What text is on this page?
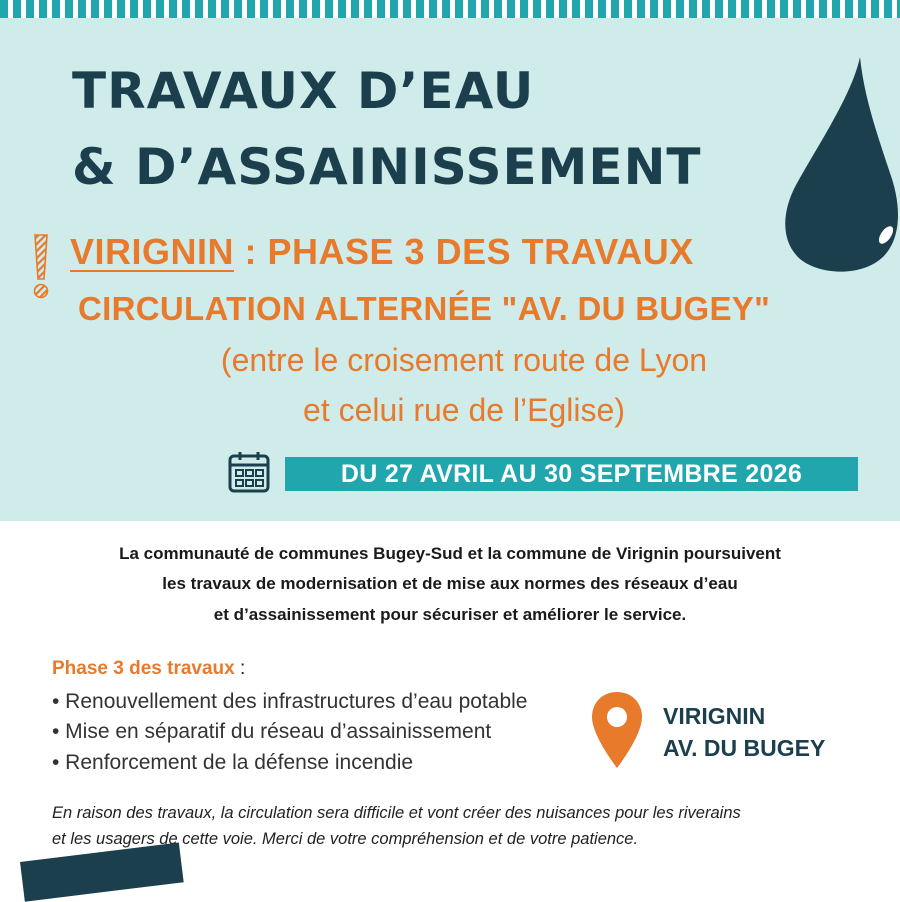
TRAVAUX D’EAU
& D’ASSAINISSEMENT

VIRIGNIN : PHASE 3 DES TRAVAUX

CIRCULATION ALTERNÉE "AV. DU BUGEY"

(entre le croisement route de Lyon

et celui rue de l’Eglise)

DU 27 AVRIL AU 30 SEPTEMBRE 2026

La communauté de communes Bugey-Sud et la commune de Virignin poursuivent

les travaux de modernisation et de mise aux normes des réseaux d’eau

et d’assainissement pour sécuriser et améliorer le service.

Phase 3 des travaux :

• Renouvellement des infrastructures d’eau potable

• Mise en séparatif du réseau d’assainissement

• Renforcement de la défense incendie

VIRIGNIN

AV. DU BUGEY

En raison des travaux, la circulation sera difficile et vont créer des nuisances pour les riverains

et les usagers de cette voie. Merci de votre compréhension et de votre patience.
